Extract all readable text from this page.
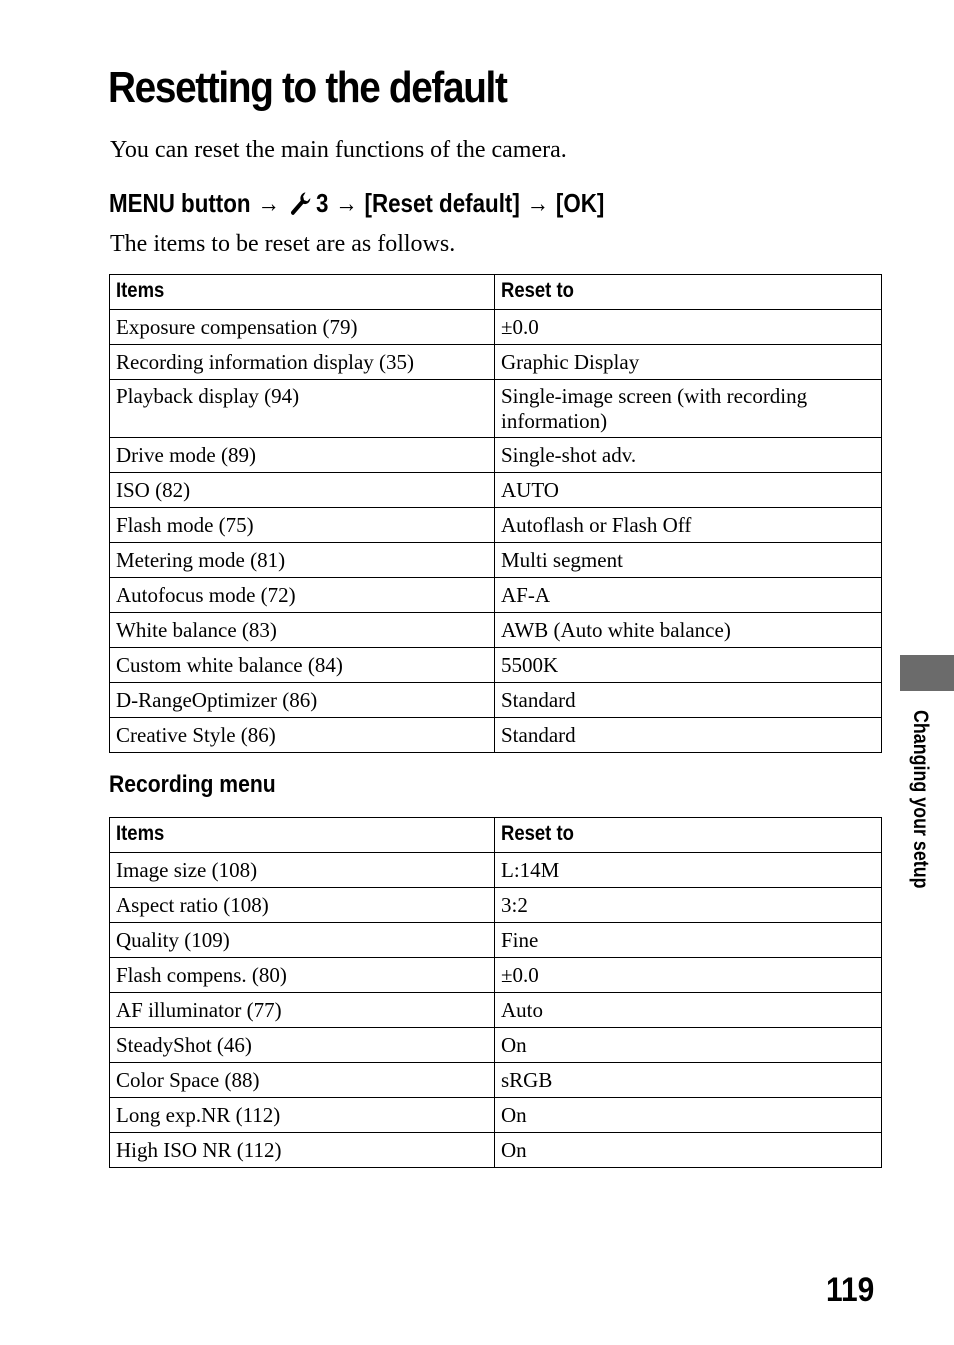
Resetting to the default
You can reset the main functions of the camera.
MENU button → 3 → [Reset default] → [OK]
The items to be reset are as follows.
Items	Reset to
Exposure compensation (79)	±0.0
Recording information display (35)	Graphic Display
Playback display (94)	Single-image screen (with recording information)
Drive mode (89)	Single-shot adv.
ISO (82)	AUTO
Flash mode (75)	Autoflash or Flash Off
Metering mode (81)	Multi segment
Autofocus mode (72)	AF-A
White balance (83)	AWB (Auto white balance)
Custom white balance (84)	5500K
D-RangeOptimizer (86)	Standard
Creative Style (86)	Standard
Recording menu
Items	Reset to
Image size (108)	L:14M
Aspect ratio (108)	3:2
Quality (109)	Fine
Flash compens. (80)	±0.0
AF illuminator (77)	Auto
SteadyShot (46)	On
Color Space (88)	sRGB
Long exp.NR (112)	On
High ISO NR (112)	On
Changing your setup
119
